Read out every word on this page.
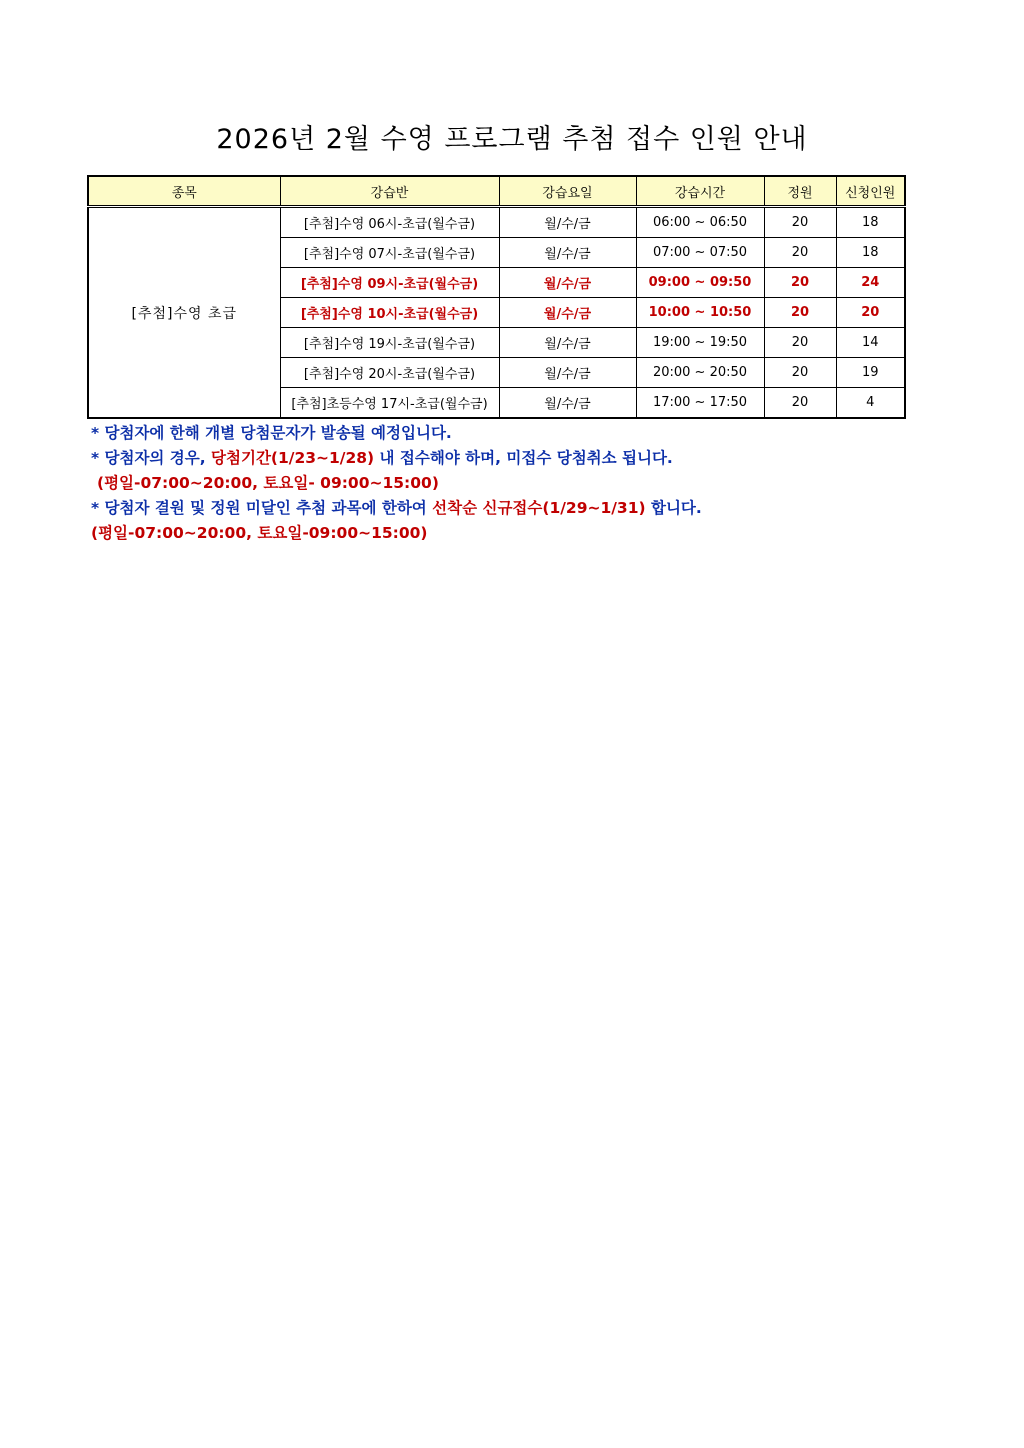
2026년 2월 수영 프로그램 추첨 접수 인원 안내
종목	강습반	강습요일	강습시간	정원	신청인원
[추첨]수영 초급	[추첨]수영 06시-초급(월수금)	월/수/금	06:00 ~ 06:50	20	18
	[추첨]수영 07시-초급(월수금)	월/수/금	07:00 ~ 07:50	20	18
	[추첨]수영 09시-초급(월수금)	월/수/금	09:00 ~ 09:50	20	24
	[추첨]수영 10시-초급(월수금)	월/수/금	10:00 ~ 10:50	20	20
	[추첨]수영 19시-초급(월수금)	월/수/금	19:00 ~ 19:50	20	14
	[추첨]수영 20시-초급(월수금)	월/수/금	20:00 ~ 20:50	20	19
	[추첨]초등수영 17시-초급(월수금)	월/수/금	17:00 ~ 17:50	20	4
* 당첨자에 한해 개별 당첨문자가 발송될 예정입니다.
* 당첨자의 경우, 당첨기간(1/23~1/28) 내 접수해야 하며, 미접수 당첨취소 됩니다.
(평일-07:00~20:00, 토요일- 09:00~15:00)
* 당첨자 결원 및 정원 미달인 추첨 과목에 한하여 선착순 신규접수(1/29~1/31) 합니다.
(평일-07:00~20:00, 토요일-09:00~15:00)
